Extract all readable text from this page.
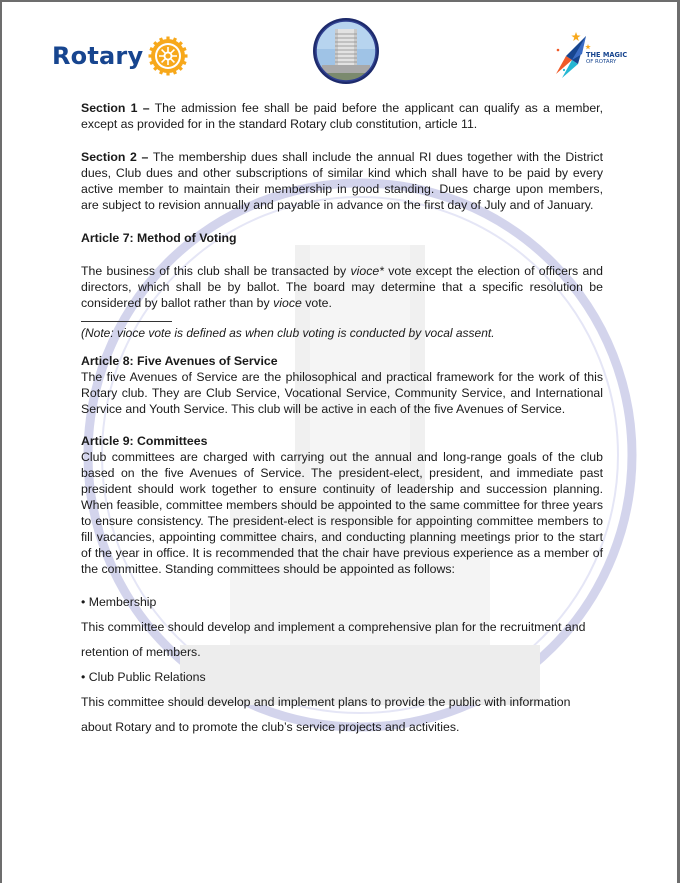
Rotary	THE MAGIC
OF ROTARY

Section 1 – The admission fee shall be paid before the applicant can qualify as a member, except as provided for in the standard Rotary club constitution, article 11.

Section 2 – The membership dues shall include the annual RI dues together with the District dues, Club dues and other subscriptions of similar kind which shall have to be paid by every active member to maintain their membership in good standing. Dues charge upon members, are subject to revision annually and payable in advance on the first day of July and of January.

Article 7: Method of Voting

The business of this club shall be transacted by vioce* vote except the election of officers and directors, which shall be by ballot. The board may determine that a specific resolution be considered by ballot rather than by vioce vote.

(Note: vioce vote is defined as when club voting is conducted by vocal assent.

Article 8: Five Avenues of Service

The five Avenues of Service are the philosophical and practical framework for the work of this Rotary club. They are Club Service, Vocational Service, Community Service, and International Service and Youth Service. This club will be active in each of the five Avenues of Service.

Article 9: Committees

Club committees are charged with carrying out the annual and long-range goals of the club based on the five Avenues of Service. The president-elect, president, and immediate past president should work together to ensure continuity of leadership and succession planning. When feasible, committee members should be appointed to the same committee for three years to ensure consistency. The president-elect is responsible for appointing committee members to fill vacancies, appointing committee chairs, and conducting planning meetings prior to the start of the year in office. It is recommended that the chair have previous experience as a member of the committee. Standing committees should be appointed as follows:

• Membership

This committee should develop and implement a comprehensive plan for the recruitment and retention of members.

• Club Public Relations

This committee should develop and implement plans to provide the public with information about Rotary and to promote the club’s service projects and activities.
